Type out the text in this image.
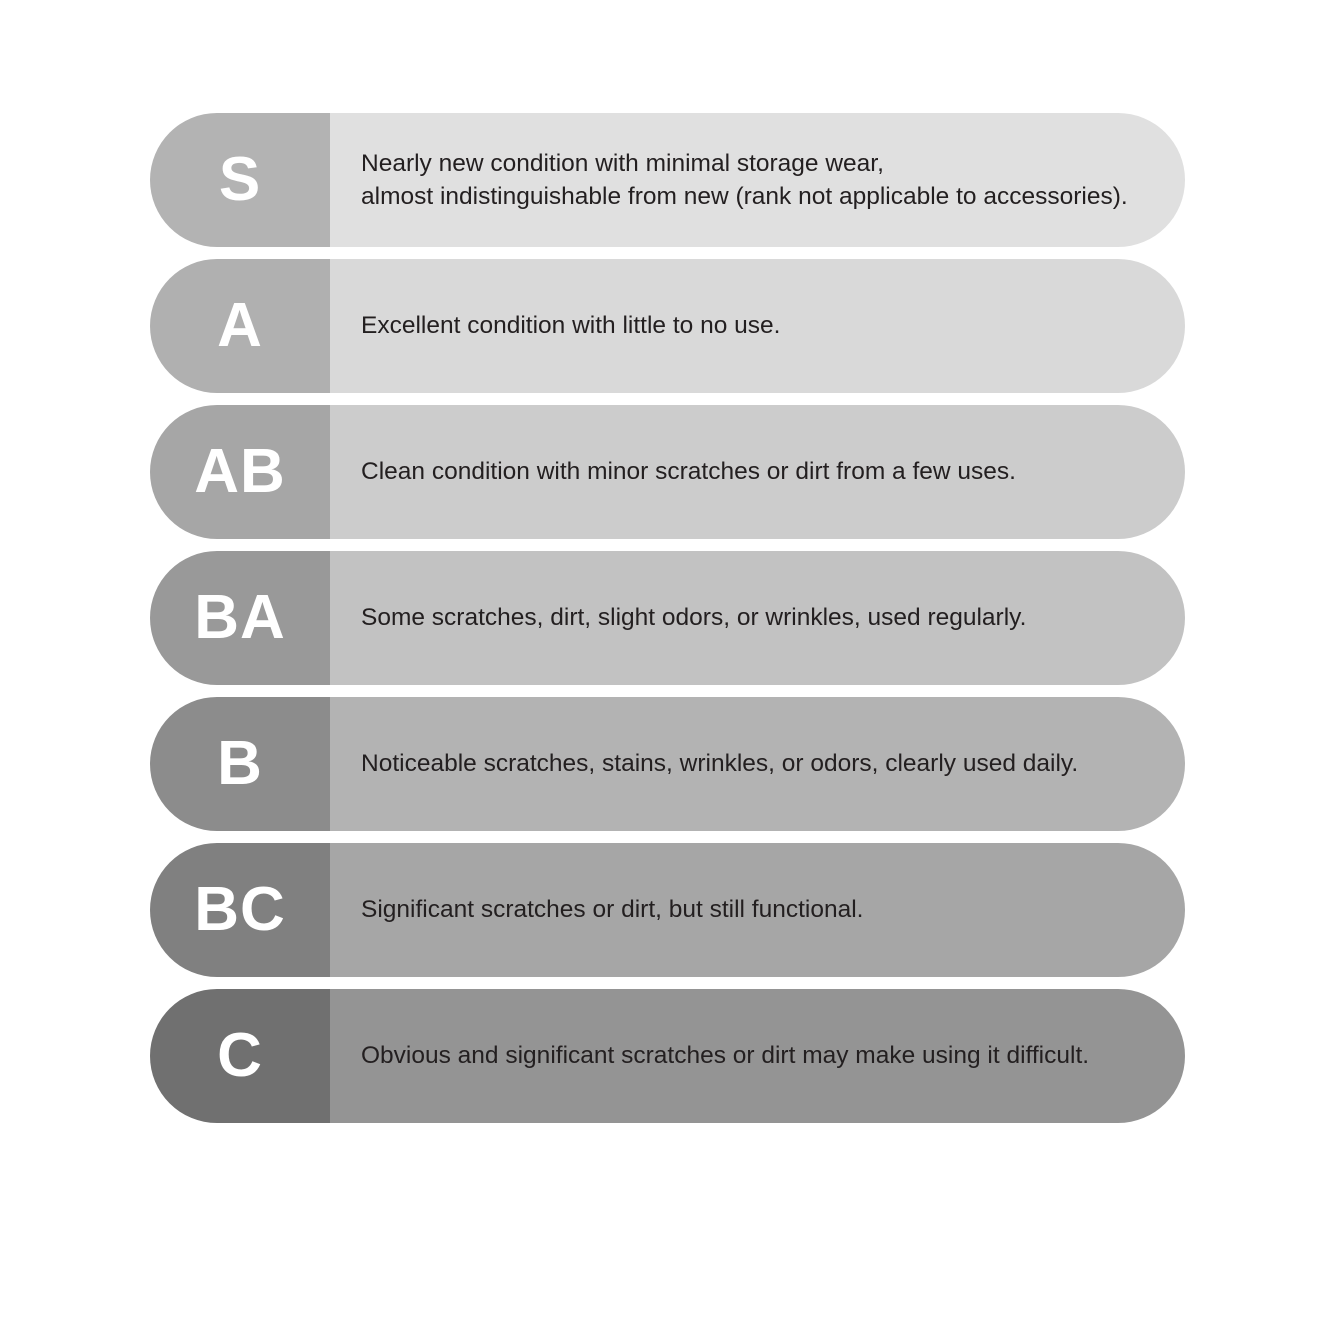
S	Nearly new condition with minimal storage wear,
almost indistinguishable from new (rank not applicable to accessories).
A	Excellent condition with little to no use.
AB	Clean condition with minor scratches or dirt from a few uses.
BA	Some scratches, dirt, slight odors, or wrinkles, used regularly.
B	Noticeable scratches, stains, wrinkles, or odors, clearly used daily.
BC	Significant scratches or dirt, but still functional.
C	Obvious and significant scratches or dirt may make using it difficult.
